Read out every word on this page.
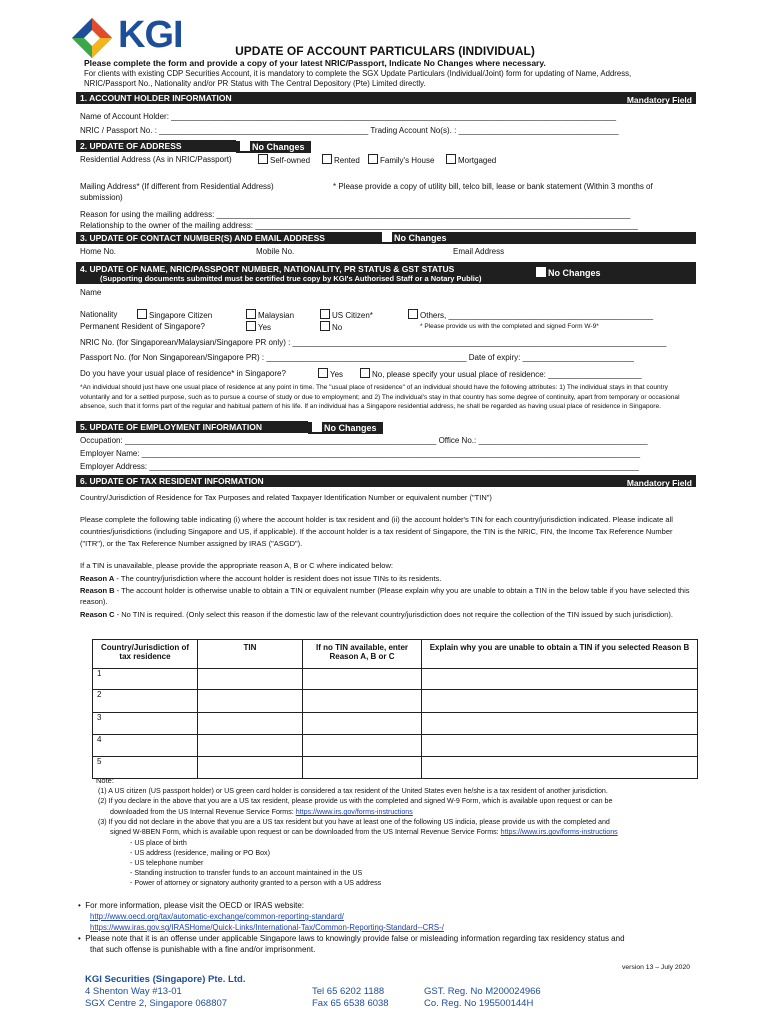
KGI	UPDATE OF ACCOUNT PARTICULARS (INDIVIDUAL)
Please complete the form and provide a copy of your latest NRIC/Passport, Indicate No Changes where necessary.
For clients with existing CDP Securities Account, it is mandatory to complete the SGX Update Particulars (Individual/Joint) form for updating of Name, Address,
NRIC/Passport No., Nationality and/or PR Status with The Central Depository (Pte) Limited directly.
1. ACCOUNT HOLDER INFORMATION	Mandatory Field
Name of Account Holder: ____________________________________________________________________________________________________
NRIC / Passport No. : _______________________________________________ Trading Account No(s). : ____________________________________
2. UPDATE OF ADDRESS	No Changes
Residential Address (As in NRIC/Passport)	Self-owned	Rented	Family's House	Mortgaged
Mailing Address* (If different from Residential Address)	* Please provide a copy of utility bill, telco bill, lease or bank statement (Within 3 months of
submission)
Reason for using the mailing address: _____________________________________________________________________________________________
Relationship to the owner of the mailing address: ______________________________________________________________________________________
3. UPDATE OF CONTACT NUMBER(S) AND EMAIL ADDRESS	No Changes
Home No.	Mobile No.	Email Address
4. UPDATE OF NAME, NRIC/PASSPORT NUMBER, NATIONALITY, PR STATUS & GST STATUS
(Supporting documents submitted must be certified true copy by KGI's Authorised Staff or a Notary Public)
No Changes
Name
Nationality
Permanent Resident of Singapore?
Singapore Citizen	Malaysian	US Citizen*	Others, ______________________________________________
Yes	No	* Please provide us with the completed and signed Form W-9*
NRIC No. (for Singaporean/Malaysian/Singapore PR only) : ____________________________________________________________________________________
Passport No. (for Non Singaporean/Singapore PR) : _____________________________________________ Date of expiry: _________________________
Do you have your usual place of residence* in Singapore?	Yes	No, please specify your usual place of residence: _____________________
*An individual should just have one usual place of residence at any point in time. The "usual place of residence" of an individual should have the following attributes: 1) The individual stays in that country voluntarily and for a settled purpose, such as to pursue a course of study or due to employment; and 2) The individual's stay in that country has some degree of continuity, apart from temporary or occasional absence, such that it forms part of the regular and habitual pattern of his life. If an individual has a Singapore residential address, he shall be regarded as having usual place of residence in Singapore.
5. UPDATE OF EMPLOYMENT INFORMATION	No Changes
Occupation: ______________________________________________________________________ Office No.: ______________________________________
Employer Name: ________________________________________________________________________________________________________________
Employer Address: ______________________________________________________________________________________________________________
6. UPDATE OF TAX RESIDENT INFORMATION	Mandatory Field
Country/Jurisdiction of Residence for Tax Purposes and related Taxpayer Identification Number or equivalent number ("TIN")
Please complete the following table indicating (i) where the account holder is tax resident and (ii) the account holder's TIN for each country/jurisdiction indicated. Please indicate all countries/jurisdictions (including Singapore and US, if applicable). If the account holder is a tax resident of Singapore, the TIN is the NRIC, FIN, the Income Tax Reference Number ("ITR"), or the Tax Reference Number assigned by IRAS ("ASGD").
If a TIN is unavailable, please provide the appropriate reason A, B or C where indicated below:
Reason A - The country/jurisdiction where the account holder is resident does not issue TINs to its residents.
Reason B - The account holder is otherwise unable to obtain a TIN or equivalent number (Please explain why you are unable to obtain a TIN in the below table if you have selected this reason).
Reason C - No TIN is required. (Only select this reason if the domestic law of the relevant country/jurisdiction does not require the collection of the TIN issued by such jurisdiction).
Country/Jurisdiction of tax residence	TIN	If no TIN available, enter Reason A, B or C	Explain why you are unable to obtain a TIN if you selected Reason B
1			
2			
3			
4			
5			
Note:
(1) A US citizen (US passport holder) or US green card holder is considered a tax resident of the United States even he/she is a tax resident of another jurisdiction.
(2) If you declare in the above that you are a US tax resident, please provide us with the completed and signed W-9 Form, which is available upon request or can be
downloaded from the US Internal Revenue Service Forms: https://www.irs.gov/forms-instructions
(3) If you did not declare in the above that you are a US tax resident but you have at least one of the following US indicia, please provide us with the completed and
signed W-8BEN Form, which is available upon request or can be downloaded from the US Internal Revenue Service Forms: https://www.irs.gov/forms-instructions
- US place of birth
- US address (residence, mailing or PO Box)
- US telephone number
- Standing instruction to transfer funds to an account maintained in the US
- Power of attorney or signatory authority granted to a person with a US address
•  For more information, please visit the OECD or IRAS website:
http://www.oecd.org/tax/automatic-exchange/common-reporting-standard/
https://www.iras.gov.sg/IRASHome/Quick-Links/International-Tax/Common-Reporting-Standard--CRS-/
•  Please note that it is an offense under applicable Singapore laws to knowingly provide false or misleading information regarding tax residency status and
that such offense is punishable with a fine and/or imprisonment.
version 13 – July 2020
KGI Securities (Singapore) Pte. Ltd.
4 Shenton Way #13-01
SGX Centre 2, Singapore 068807
Tel 65 6202 1188
Fax 65 6538 6038
GST. Reg. No M200024966
Co. Reg. No 195500144H
